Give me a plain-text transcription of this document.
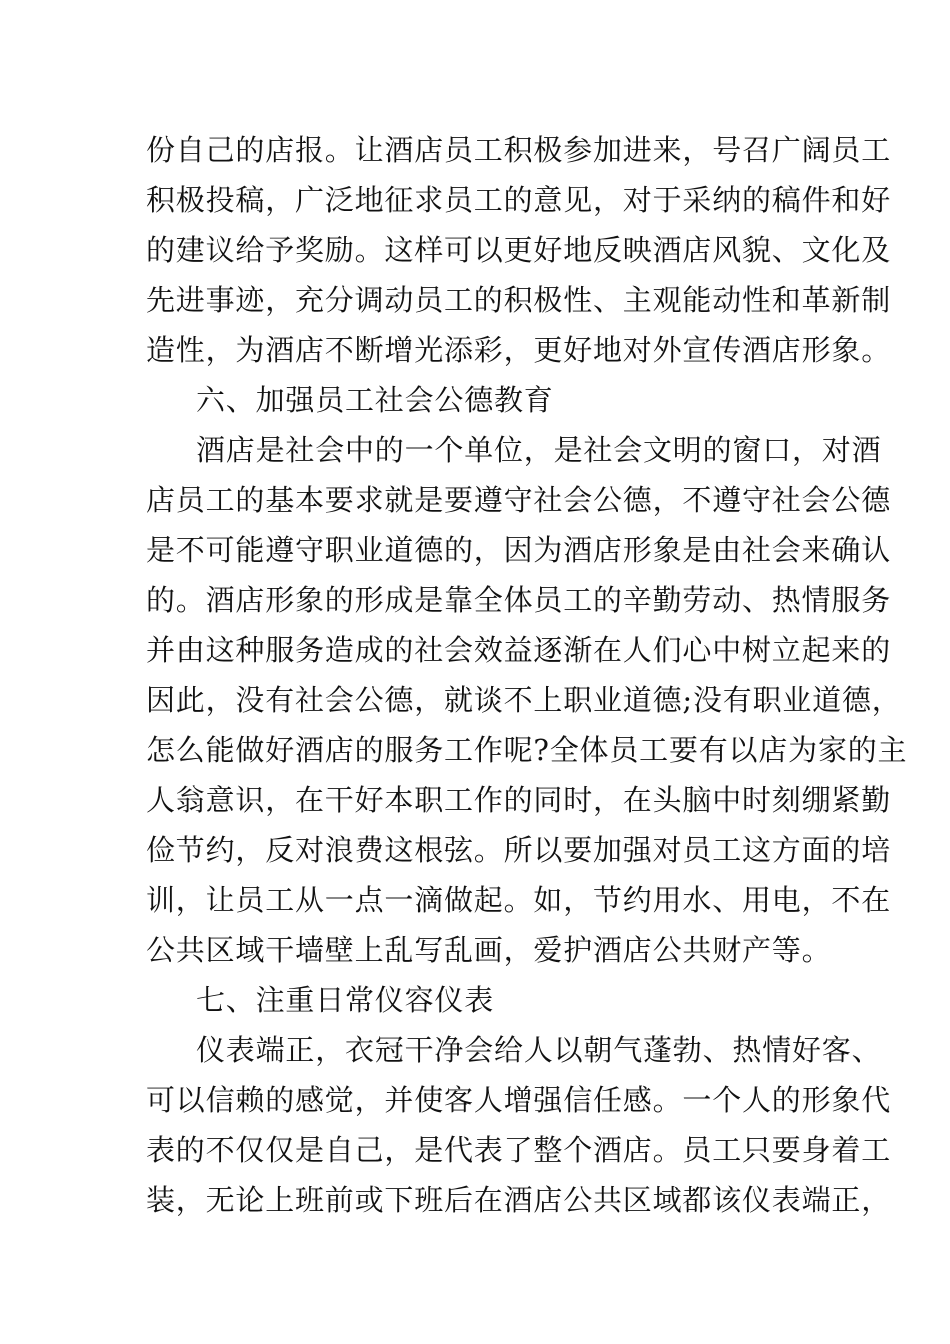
份自己的店报。让酒店员工积极参加进来，号召广阔员工
积极投稿，广泛地征求员工的意见，对于采纳的稿件和好
的建议给予奖励。这样可以更好地反映酒店风貌、文化及
先进事迹，充分调动员工的积极性、主观能动性和革新制
造性，为酒店不断增光添彩，更好地对外宣传酒店形象。
六、加强员工社会公德教育
酒店是社会中的一个单位，是社会文明的窗口，对酒
店员工的基本要求就是要遵守社会公德，不遵守社会公德
是不可能遵守职业道德的，因为酒店形象是由社会来确认
的。酒店形象的形成是靠全体员工的辛勤劳动、热情服务
并由这种服务造成的社会效益逐渐在人们心中树立起来的
因此，没有社会公德，就谈不上职业道德;没有职业道德，
怎么能做好酒店的服务工作呢?全体员工要有以店为家的主
人翁意识，在干好本职工作的同时，在头脑中时刻绷紧勤
俭节约，反对浪费这根弦。所以要加强对员工这方面的培
训，让员工从一点一滴做起。如，节约用水、用电，不在
公共区域干墙壁上乱写乱画，爱护酒店公共财产等。
七、注重日常仪容仪表
仪表端正，衣冠干净会给人以朝气蓬勃、热情好客、
可以信赖的感觉，并使客人增强信任感。一个人的形象代
表的不仅仅是自己，是代表了整个酒店。员工只要身着工
装，无论上班前或下班后在酒店公共区域都该仪表端正，
